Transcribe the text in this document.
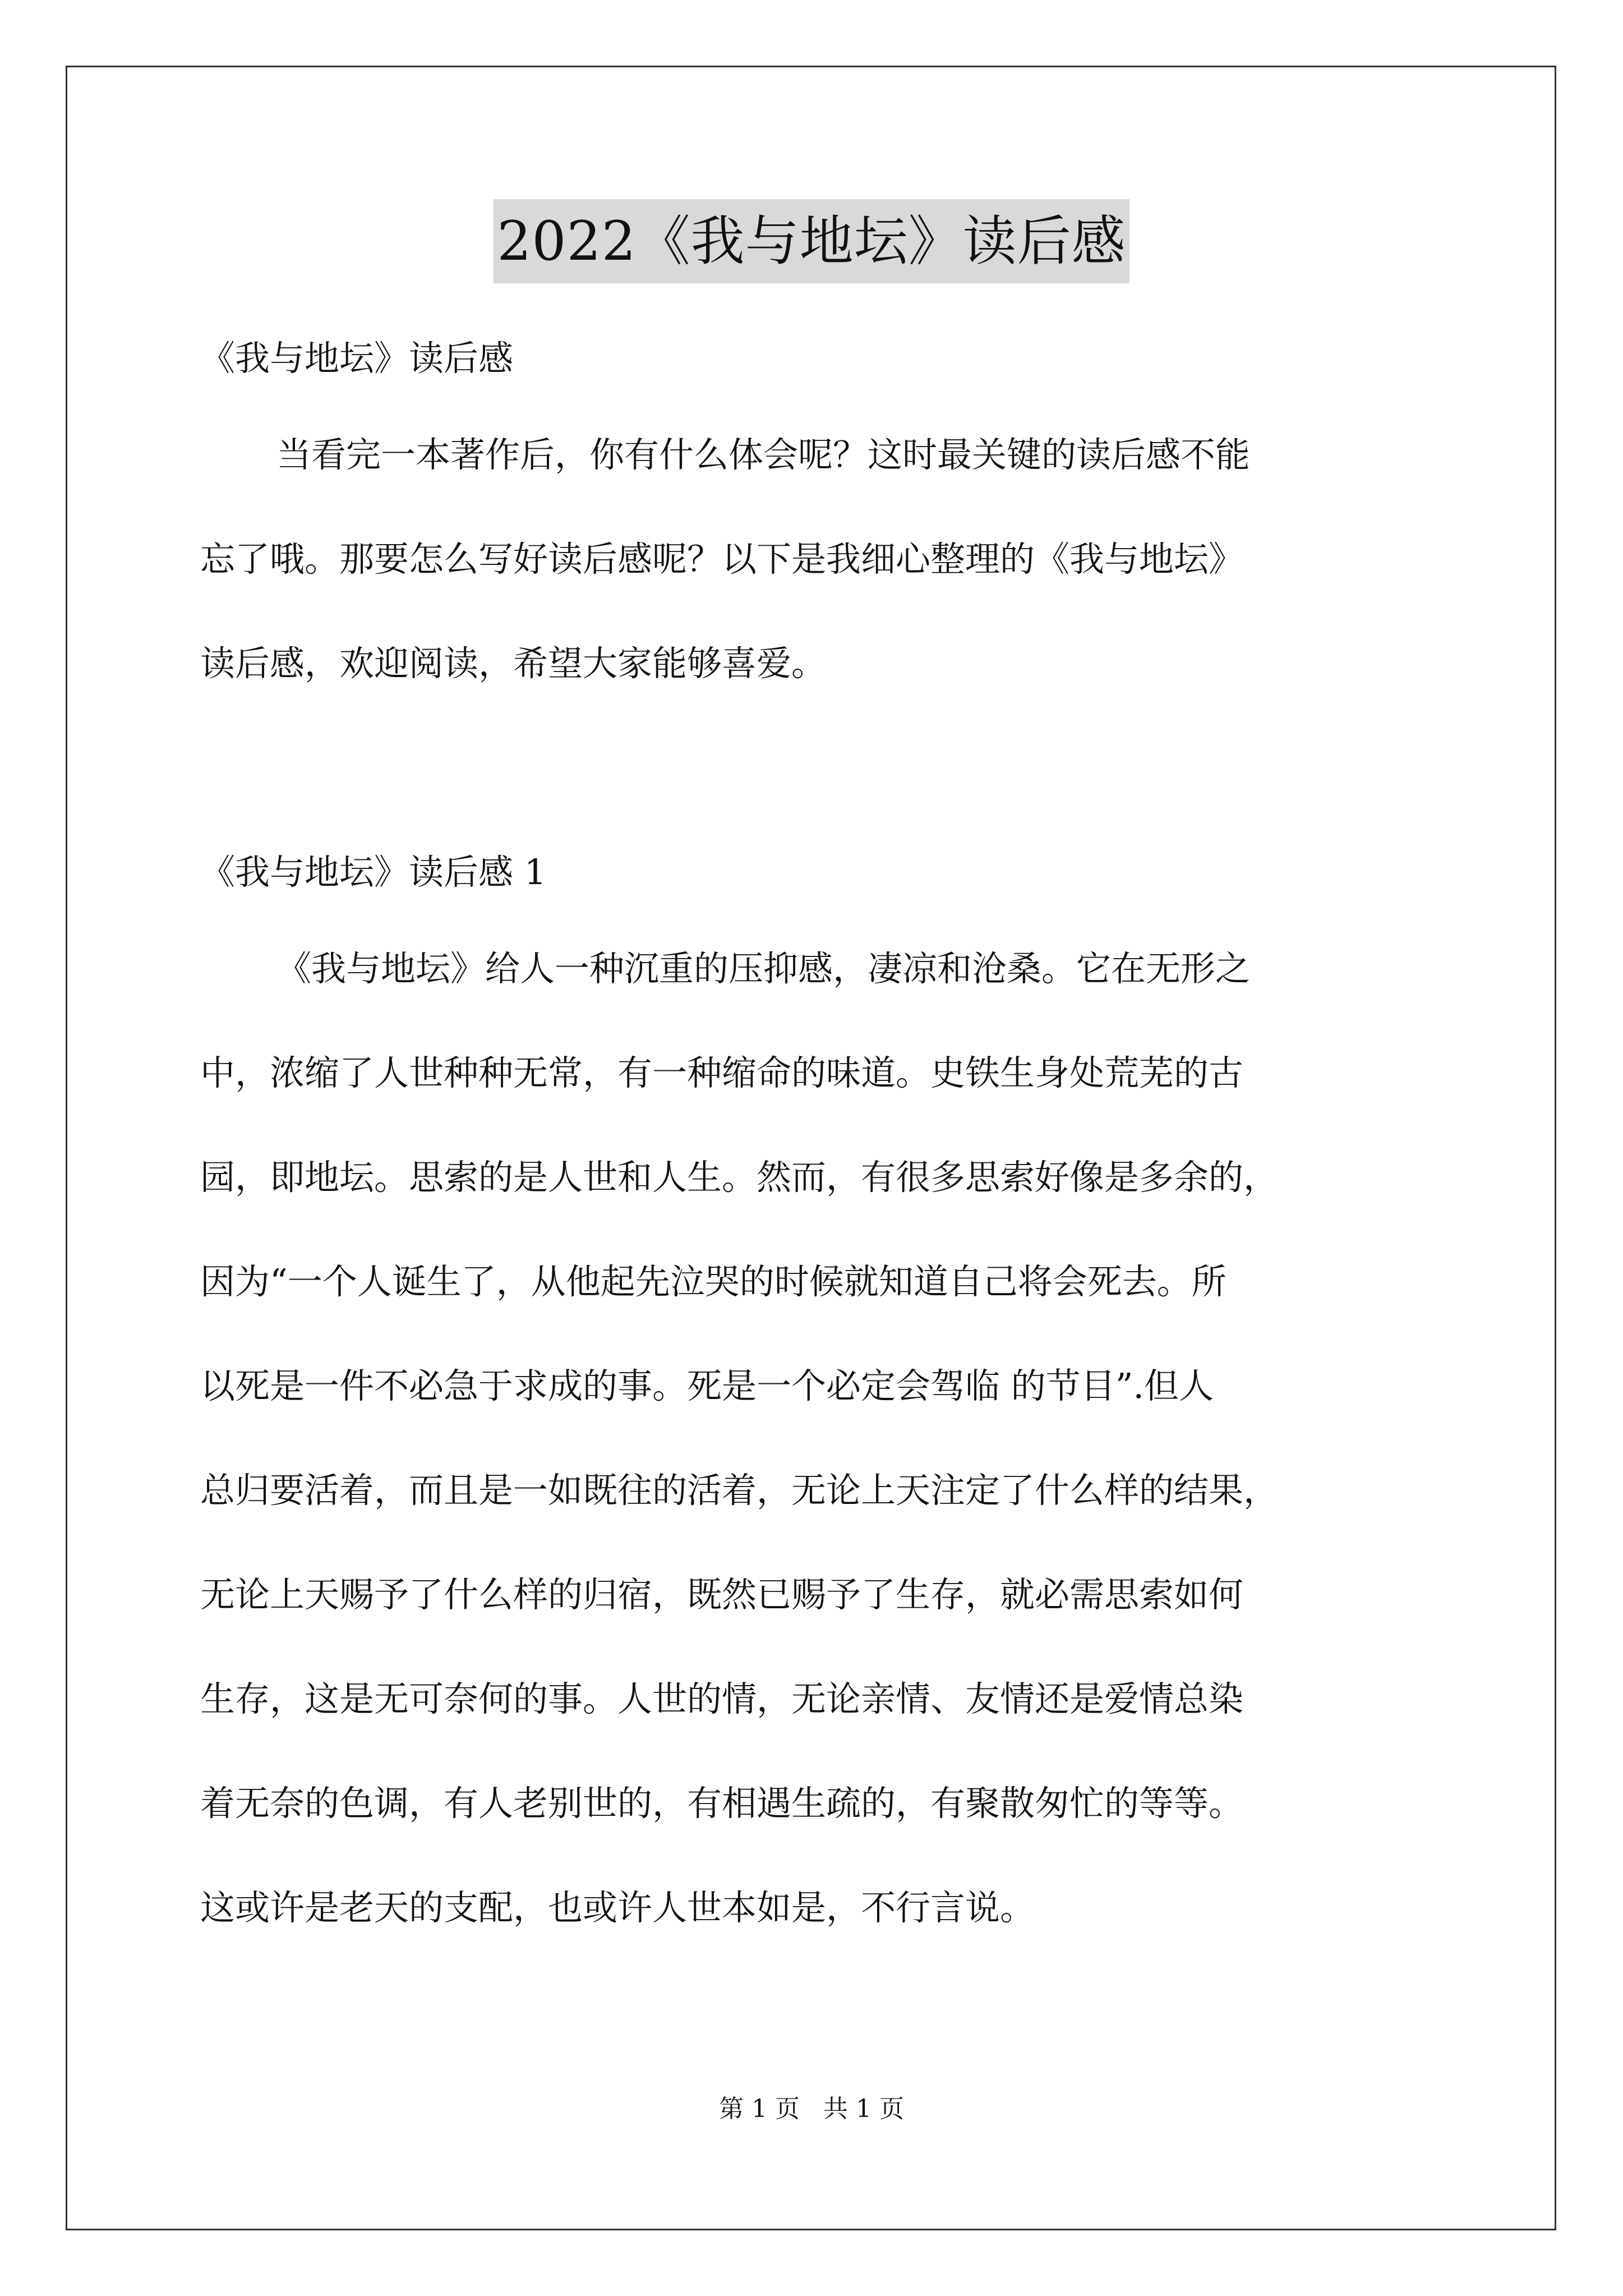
2022《我与地坛》读后感
《我与地坛》读后感
当看完一本著作后，你有什么体会呢？这时最关键的读后感不能
忘了哦。那要怎么写好读后感呢？以下是我细心整理的《我与地坛》
读后感，欢迎阅读，希望大家能够喜爱。
《我与地坛》读后感 1
《我与地坛》给人一种沉重的压抑感，凄凉和沧桑。它在无形之
中，浓缩了人世种种无常，有一种缩命的味道。史铁生身处荒芜的古
园，即地坛。思索的是人世和人生。然而，有很多思索好像是多余的，
因为“一个人诞生了，从他起先泣哭的时候就知道自己将会死去。所
以死是一件不必急于求成的事。死是一个必定会驾临 的节目”.但人
总归要活着，而且是一如既往的活着，无论上天注定了什么样的结果，
无论上天赐予了什么样的归宿，既然已赐予了生存，就必需思索如何
生存，这是无可奈何的事。人世的情，无论亲情、友情还是爱情总染
着无奈的色调，有人老别世的，有相遇生疏的，有聚散匆忙的等等。
这或许是老天的支配，也或许人世本如是，不行言说。
第 1 页   共 1 页
